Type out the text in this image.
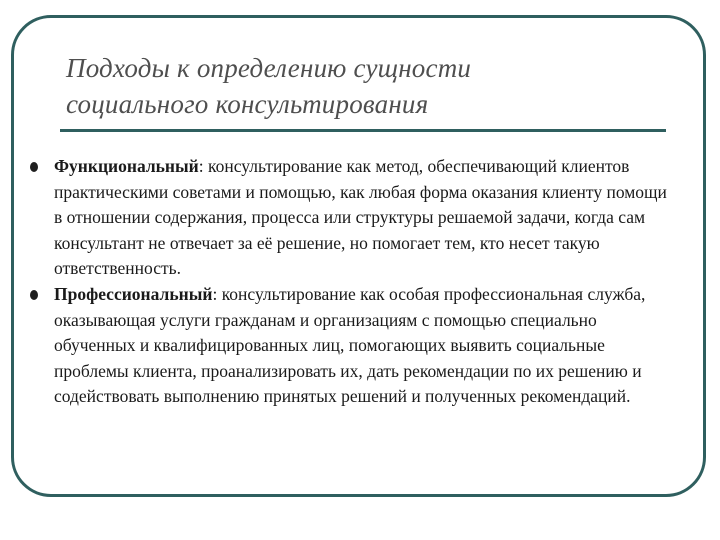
Подходы к определению сущности
социального консультирования
Функциональный: консультирование как метод, обеспечивающий клиентов практическими советами и помощью, как любая форма оказания клиенту помощи в отношении содержания, процесса или структуры решаемой задачи, когда сам консультант не отвечает за её решение, но помогает тем, кто несет такую ответственность.
Профессиональный: консультирование как особая профессиональная служба, оказывающая услуги гражданам и организациям с помощью специально обученных и квалифицированных лиц, помогающих выявить социальные проблемы клиента, проанализировать их, дать рекомендации по их решению и содействовать выполнению принятых решений и полученных рекомендаций.
